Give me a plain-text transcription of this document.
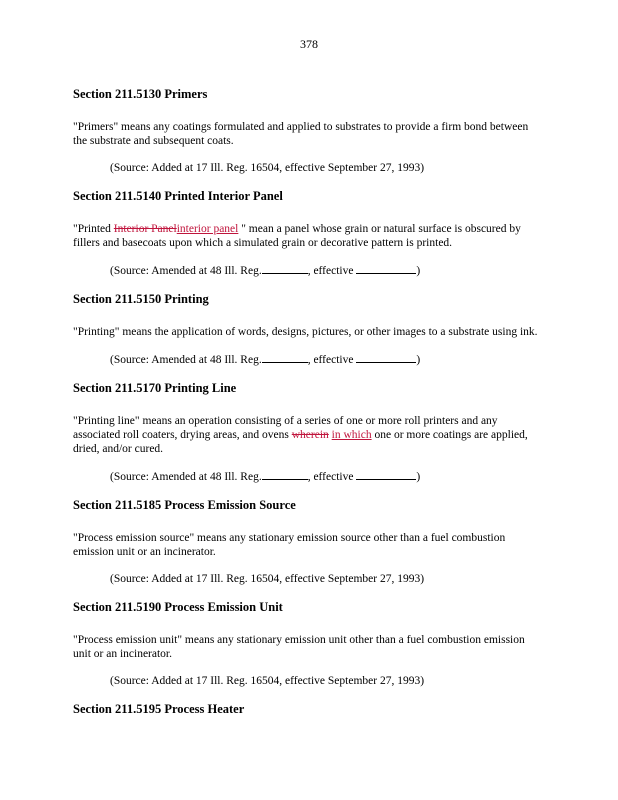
378
Section 211.5130 Primers
"Primers" means any coatings formulated and applied to substrates to provide a firm bond between the substrate and subsequent coats.
(Source: Added at 17 Ill. Reg. 16504, effective September 27, 1993)
Section 211.5140 Printed Interior Panel
"Printed Interior Panelinterior panel " mean a panel whose grain or natural surface is obscured by fillers and basecoats upon which a simulated grain or decorative pattern is printed.
(Source: Amended at 48 Ill. Reg.	, effective	)
Section 211.5150 Printing
"Printing" means the application of words, designs, pictures, or other images to a substrate using ink.
(Source: Amended at 48 Ill. Reg.	, effective	)
Section 211.5170 Printing Line
"Printing line" means an operation consisting of a series of one or more roll printers and any associated roll coaters, drying areas, and ovens wherein in which one or more coatings are applied, dried, and/or cured.
(Source: Amended at 48 Ill. Reg.	, effective	)
Section 211.5185 Process Emission Source
"Process emission source" means any stationary emission source other than a fuel combustion emission unit or an incinerator.
(Source: Added at 17 Ill. Reg. 16504, effective September 27, 1993)
Section 211.5190 Process Emission Unit
"Process emission unit" means any stationary emission unit other than a fuel combustion emission unit or an incinerator.
(Source: Added at 17 Ill. Reg. 16504, effective September 27, 1993)
Section 211.5195 Process Heater
